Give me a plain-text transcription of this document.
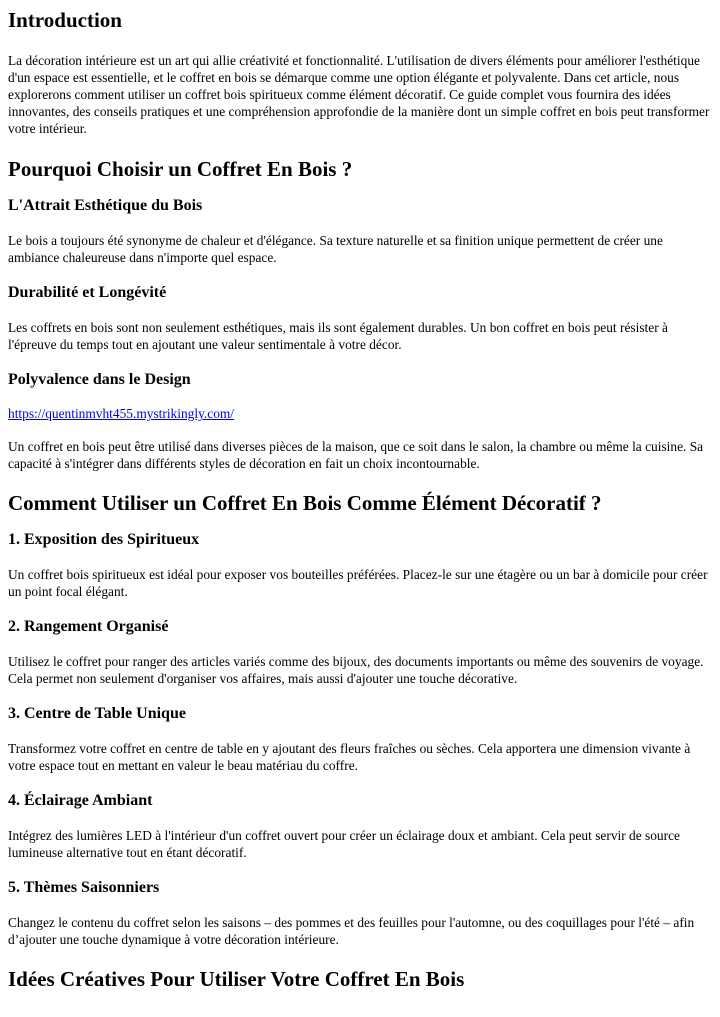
Introduction

La décoration intérieure est un art qui allie créativité et fonctionnalité. L'utilisation de divers éléments pour améliorer l'esthétique d'un espace est essentielle, et le coffret en bois se démarque comme une option élégante et polyvalente. Dans cet article, nous explorerons comment utiliser un coffret bois spiritueux comme élément décoratif. Ce guide complet vous fournira des idées innovantes, des conseils pratiques et une compréhension approfondie de la manière dont un simple coffret en bois peut transformer votre intérieur.

Pourquoi Choisir un Coffret En Bois ?
L'Attrait Esthétique du Bois

Le bois a toujours été synonyme de chaleur et d'élégance. Sa texture naturelle et sa finition unique permettent de créer une ambiance chaleureuse dans n'importe quel espace.

Durabilité et Longévité

Les coffrets en bois sont non seulement esthétiques, mais ils sont également durables. Un bon coffret en bois peut résister à l'épreuve du temps tout en ajoutant une valeur sentimentale à votre décor.

Polyvalence dans le Design
https://quentinmvht455.mystrikingly.com/

Un coffret en bois peut être utilisé dans diverses pièces de la maison, que ce soit dans le salon, la chambre ou même la cuisine. Sa capacité à s'intégrer dans différents styles de décoration en fait un choix incontournable.

Comment Utiliser un Coffret En Bois Comme Élément Décoratif ?
1. Exposition des Spiritueux

Un coffret bois spiritueux est idéal pour exposer vos bouteilles préférées. Placez-le sur une étagère ou un bar à domicile pour créer un point focal élégant.

2. Rangement Organisé

Utilisez le coffret pour ranger des articles variés comme des bijoux, des documents importants ou même des souvenirs de voyage. Cela permet non seulement d'organiser vos affaires, mais aussi d'ajouter une touche décorative.

3. Centre de Table Unique

Transformez votre coffret en centre de table en y ajoutant des fleurs fraîches ou sèches. Cela apportera une dimension vivante à votre espace tout en mettant en valeur le beau matériau du coffre.

4. Éclairage Ambiant

Intégrez des lumières LED à l'intérieur d'un coffret ouvert pour créer un éclairage doux et ambiant. Cela peut servir de source lumineuse alternative tout en étant décoratif.

5. Thèmes Saisonniers

Changez le contenu du coffret selon les saisons – des pommes et des feuilles pour l'automne, ou des coquillages pour l'été – afin d’ajouter une touche dynamique à votre décoration intérieure.

Idées Créatives Pour Utiliser Votre Coffret En Bois
